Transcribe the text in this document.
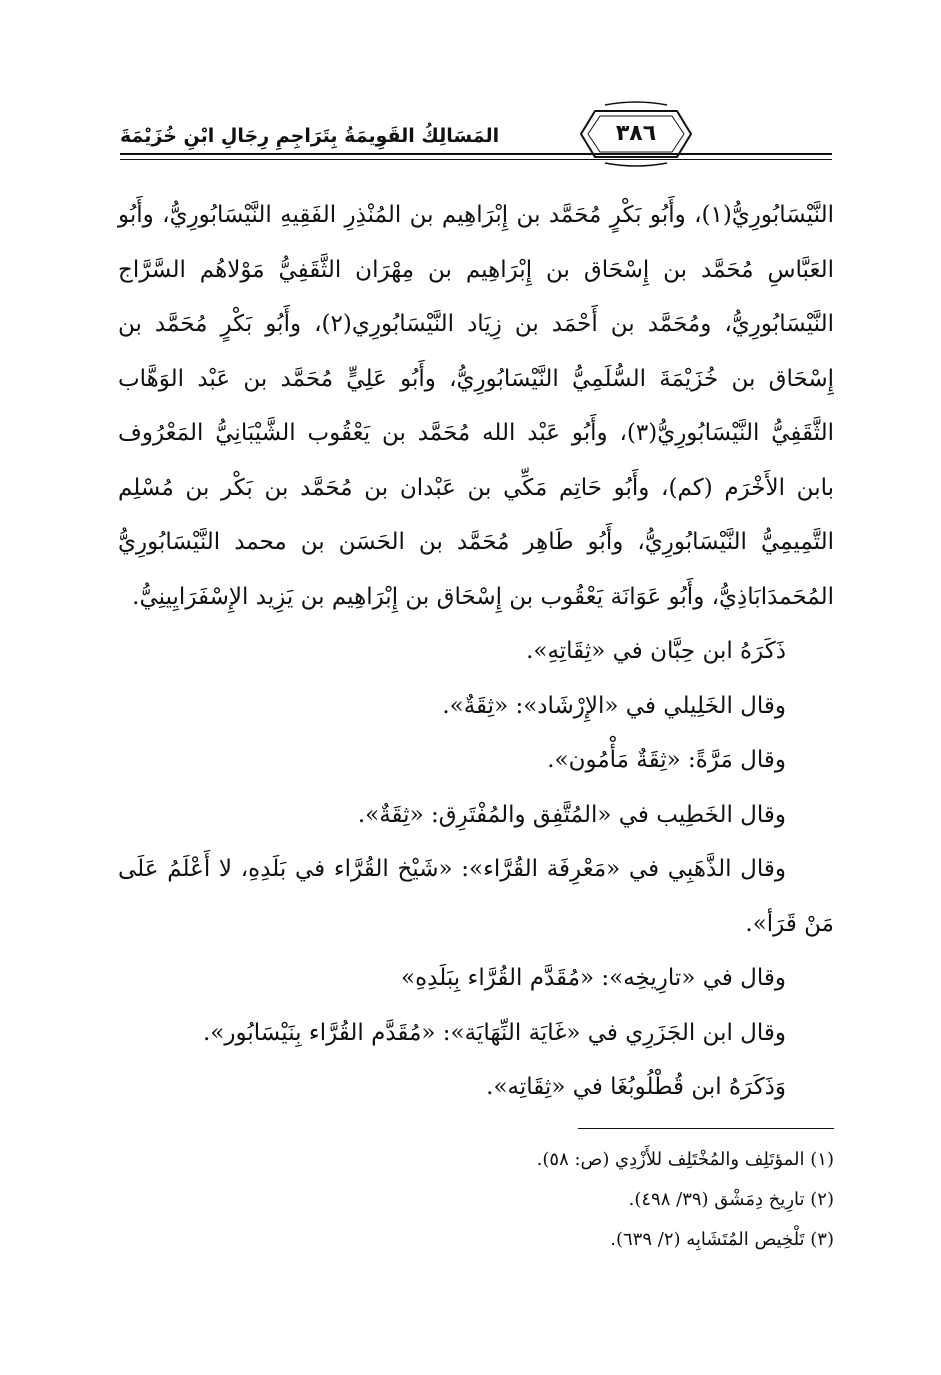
المَسَالِكُ القَوِيمَةُ بِتَرَاجِمِ رِجَالِ ابْنِ خُزَيْمَةَ	٣٨٦

النَّيْسَابُورِيُّ(١)، وأَبُو بَكْرٍ مُحَمَّد بن إِبْرَاهِيم بن المُنْذِرِ الفَقِيهِ النَّيْسَابُورِيُّ، وأَبُو العَبَّاسِ مُحَمَّد بن إِسْحَاق بن إِبْرَاهِيم بن مِهْرَان الثَّقَفِيُّ مَوْلاهُم السَّرَّاج النَّيْسَابُورِيُّ، ومُحَمَّد بن أَحْمَد بن زِيَاد النَّيْسَابُورِي(٢)، وأَبُو بَكْرٍ مُحَمَّد بن إِسْحَاق بن خُزَيْمَةَ السُّلَمِيُّ النَّيْسَابُورِيُّ، وأَبُو عَلِيٍّ مُحَمَّد بن عَبْد الوَهَّاب الثَّقَفِيُّ النَّيْسَابُورِيُّ(٣)، وأَبُو عَبْد الله مُحَمَّد بن يَعْقُوب الشَّيْبَانِيُّ المَعْرُوف بابن الأَخْرَم (كم)، وأَبُو حَاتِم مَكِّي بن عَبْدان بن مُحَمَّد بن بَكْر بن مُسْلِم التَّمِيمِيُّ النَّيْسَابُورِيُّ، وأَبُو طَاهِر مُحَمَّد بن الحَسَن بن محمد النَّيْسَابُورِيُّ المُحَمدَابَاذِيُّ، وأَبُو عَوَانَة يَعْقُوب بن إِسْحَاق بن إِبْرَاهِيم بن يَزِيد الإِسْفَرَايِينِيُّ.

ذَكَرَهُ ابن حِبَّان في «ثِقَاتِهِ».

وقال الخَلِيلي في «الإِرْشَاد»: «ثِقَةٌ».

وقال مَرَّةً: «ثِقَةٌ مَأْمُون».

وقال الخَطِيب في «المُتَّفِق والمُفْتَرِق: «ثِقَةٌ».

وقال الذَّهَبِي في «مَعْرِفَة القُرَّاء»: «شَيْخ القُرَّاء في بَلَدِهِ، لا أَعْلَمُ عَلَى مَنْ قَرَأ».

وقال في «تارِيخِه»: «مُقَدَّم القُرَّاء بِبَلَدِهِ»

وقال ابن الجَزَرِي في «غَايَة النِّهَايَة»: «مُقَدَّم القُرَّاء بِنَيْسَابُور».

وَذَكَرَهُ ابن قُطْلُوبُغَا في «ثِقَاتِه».

(١) المؤتَلِف والمُخْتَلِف للأَزْدِي (ص: ٥٨).

(٢) تارِيخ دِمَشْق (٣٩/ ٤٩٨).

(٣) تَلْخِيص المُتَشَابِه (٢/ ٦٣٩).
